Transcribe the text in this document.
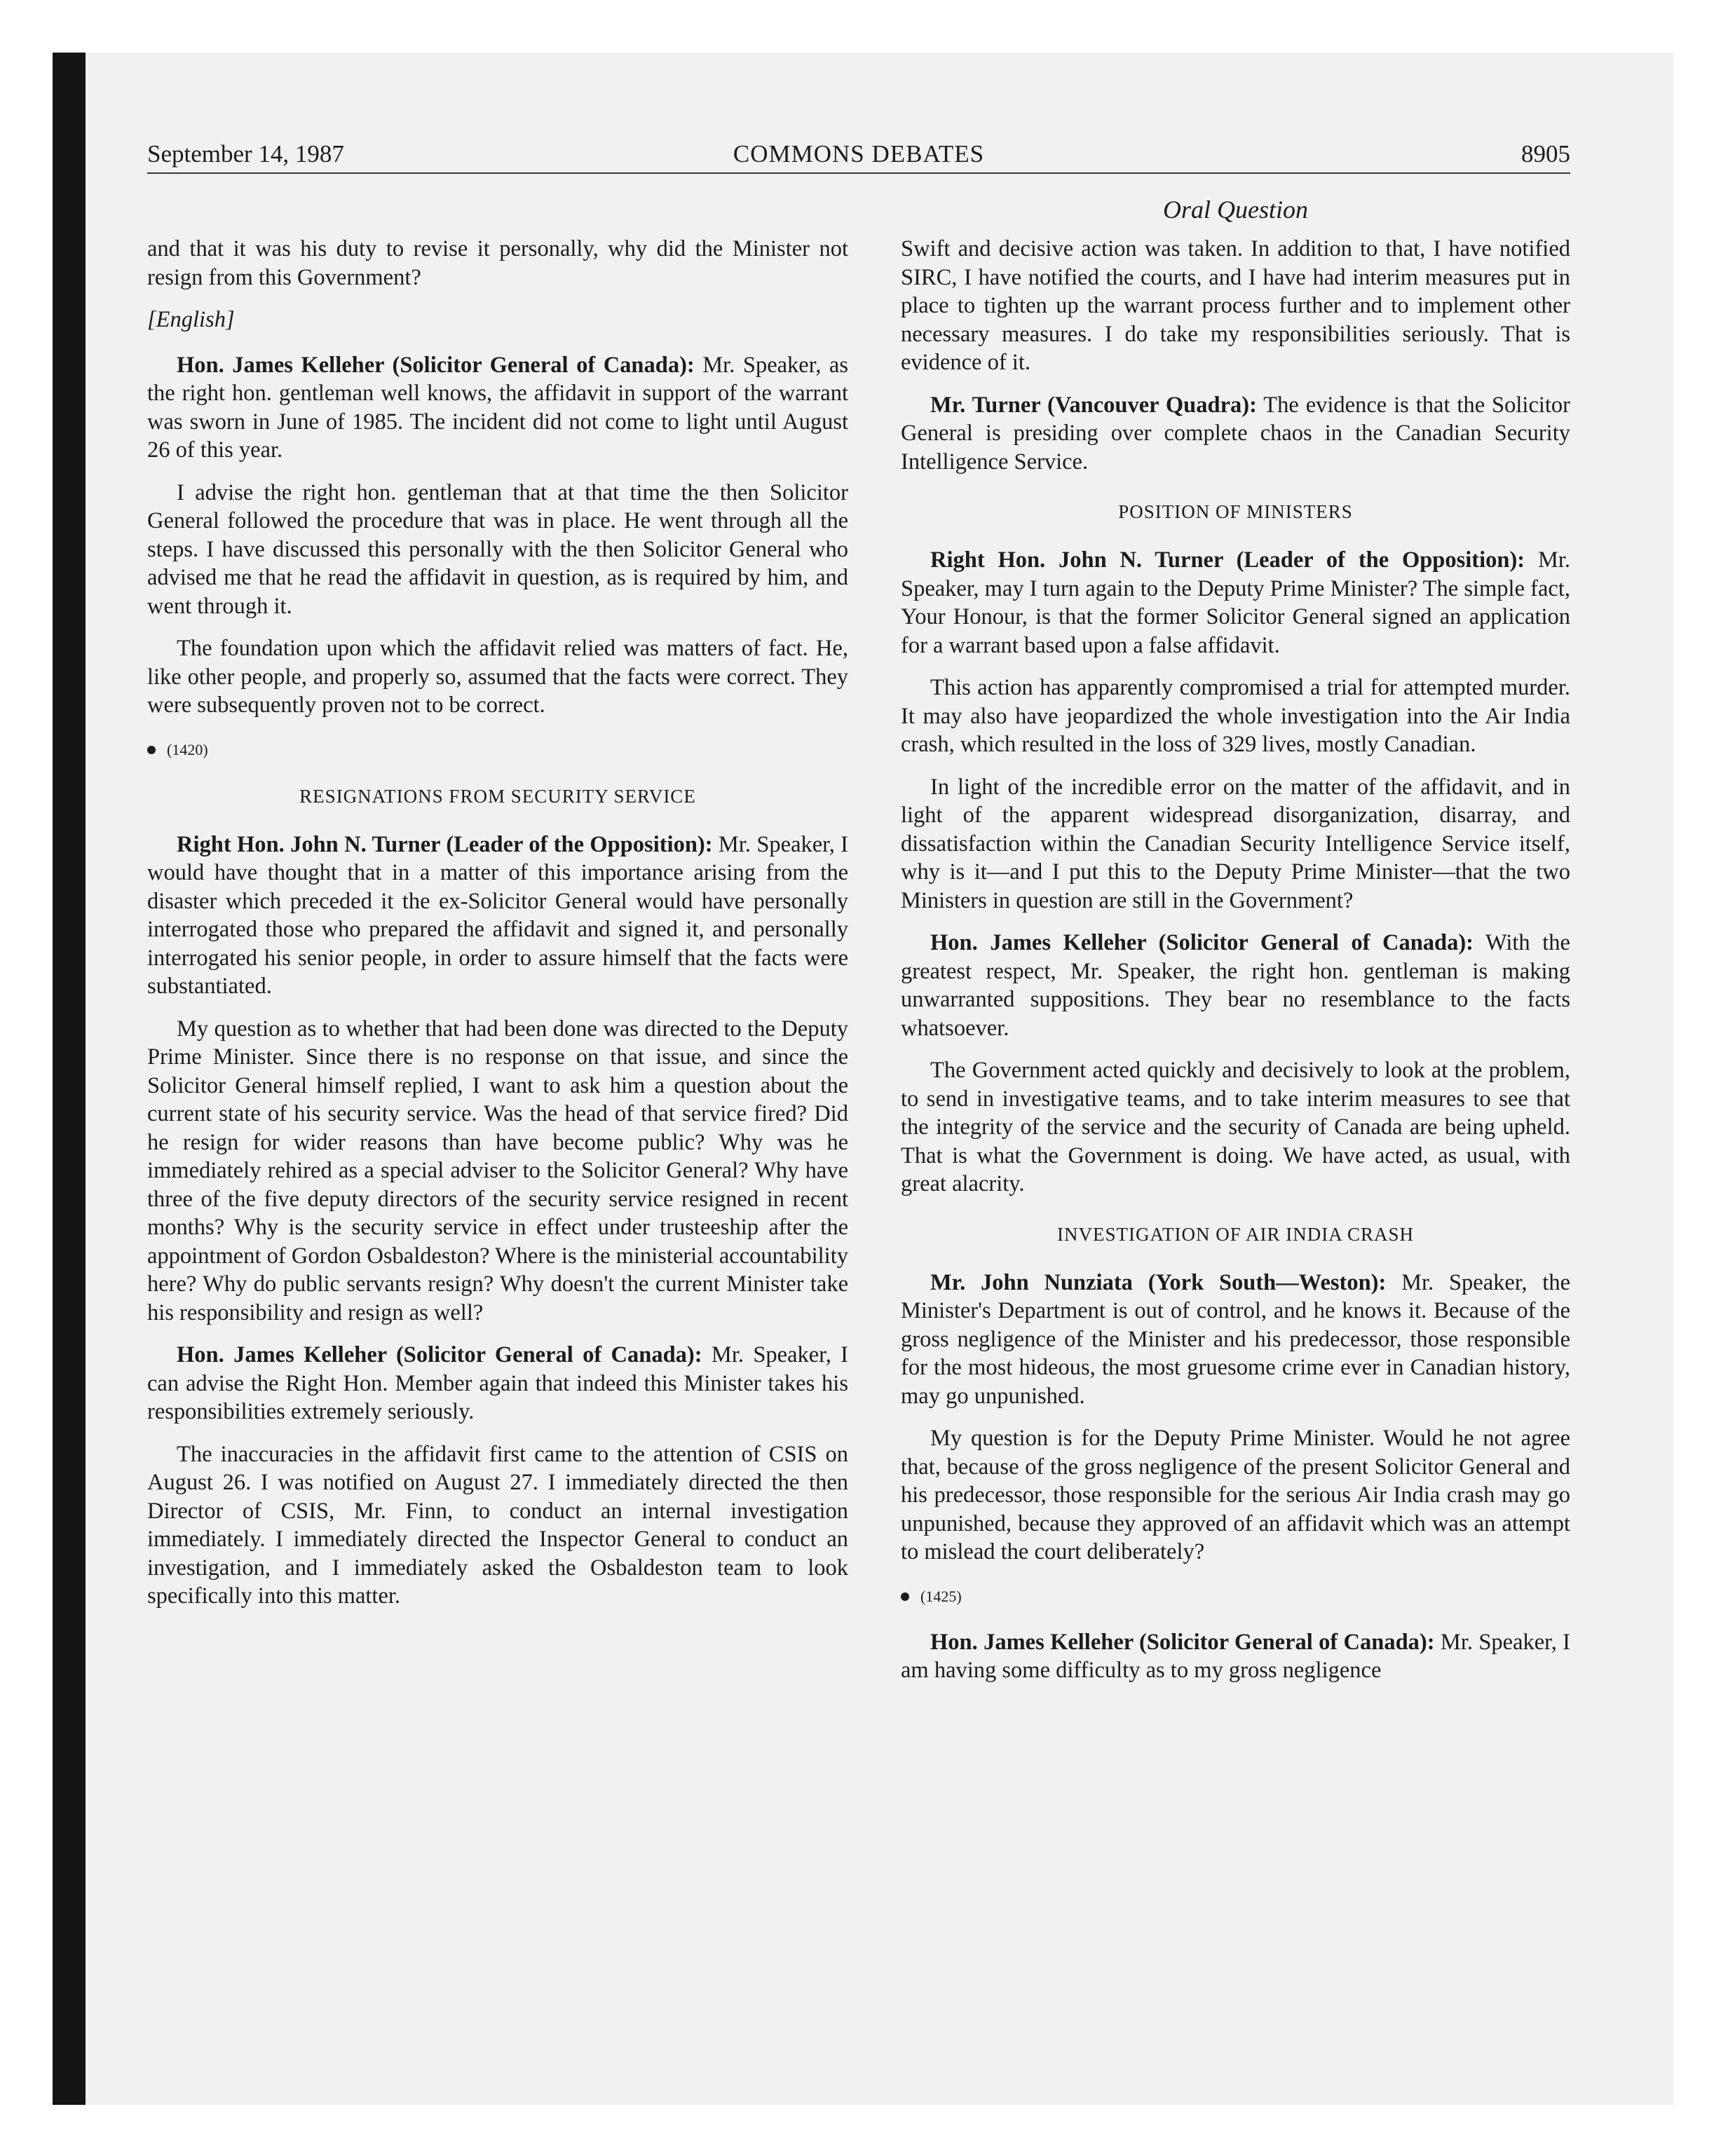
September 14, 1987	COMMONS DEBATES	8905
Oral Question

and that it was his duty to revise it personally, why did the Minister not resign from this Government?

[English]

Hon. James Kelleher (Solicitor General of Canada): Mr. Speaker, as the right hon. gentleman well knows, the affidavit in support of the warrant was sworn in June of 1985. The incident did not come to light until August 26 of this year.

I advise the right hon. gentleman that at that time the then Solicitor General followed the procedure that was in place. He went through all the steps. I have discussed this personally with the then Solicitor General who advised me that he read the affidavit in question, as is required by him, and went through it.

The foundation upon which the affidavit relied was matters of fact. He, like other people, and properly so, assumed that the facts were correct. They were subsequently proven not to be correct.

(1420)
RESIGNATIONS FROM SECURITY SERVICE

Right Hon. John N. Turner (Leader of the Opposition): Mr. Speaker, I would have thought that in a matter of this importance arising from the disaster which preceded it the ex-Solicitor General would have personally interrogated those who prepared the affidavit and signed it, and personally interrogated his senior people, in order to assure himself that the facts were substantiated.

My question as to whether that had been done was directed to the Deputy Prime Minister. Since there is no response on that issue, and since the Solicitor General himself replied, I want to ask him a question about the current state of his security service. Was the head of that service fired? Did he resign for wider reasons than have become public? Why was he immediately rehired as a special adviser to the Solicitor General? Why have three of the five deputy directors of the security service resigned in recent months? Why is the security service in effect under trusteeship after the appointment of Gordon Osbaldeston? Where is the ministerial accountability here? Why do public servants resign? Why doesn't the current Minister take his responsibility and resign as well?

Hon. James Kelleher (Solicitor General of Canada): Mr. Speaker, I can advise the Right Hon. Member again that indeed this Minister takes his responsibilities extremely seriously.

The inaccuracies in the affidavit first came to the attention of CSIS on August 26. I was notified on August 27. I immediately directed the then Director of CSIS, Mr. Finn, to conduct an internal investigation immediately. I immediately directed the Inspector General to conduct an investigation, and I immediately asked the Osbaldeston team to look specifically into this matter.

Swift and decisive action was taken. In addition to that, I have notified SIRC, I have notified the courts, and I have had interim measures put in place to tighten up the warrant process further and to implement other necessary measures. I do take my responsibilities seriously. That is evidence of it.

Mr. Turner (Vancouver Quadra): The evidence is that the Solicitor General is presiding over complete chaos in the Canadian Security Intelligence Service.

POSITION OF MINISTERS

Right Hon. John N. Turner (Leader of the Opposition): Mr. Speaker, may I turn again to the Deputy Prime Minister? The simple fact, Your Honour, is that the former Solicitor General signed an application for a warrant based upon a false affidavit.

This action has apparently compromised a trial for attempted murder. It may also have jeopardized the whole investigation into the Air India crash, which resulted in the loss of 329 lives, mostly Canadian.

In light of the incredible error on the matter of the affidavit, and in light of the apparent widespread disorganization, disarray, and dissatisfaction within the Canadian Security Intelligence Service itself, why is it—and I put this to the Deputy Prime Minister—that the two Ministers in question are still in the Government?

Hon. James Kelleher (Solicitor General of Canada): With the greatest respect, Mr. Speaker, the right hon. gentleman is making unwarranted suppositions. They bear no resemblance to the facts whatsoever.

The Government acted quickly and decisively to look at the problem, to send in investigative teams, and to take interim measures to see that the integrity of the service and the security of Canada are being upheld. That is what the Government is doing. We have acted, as usual, with great alacrity.

INVESTIGATION OF AIR INDIA CRASH

Mr. John Nunziata (York South—Weston): Mr. Speaker, the Minister's Department is out of control, and he knows it. Because of the gross negligence of the Minister and his predecessor, those responsible for the most hideous, the most gruesome crime ever in Canadian history, may go unpunished.

My question is for the Deputy Prime Minister. Would he not agree that, because of the gross negligence of the present Solicitor General and his predecessor, those responsible for the serious Air India crash may go unpunished, because they approved of an affidavit which was an attempt to mislead the court deliberately?

(1425)

Hon. James Kelleher (Solicitor General of Canada): Mr. Speaker, I am having some difficulty as to my gross negligence
